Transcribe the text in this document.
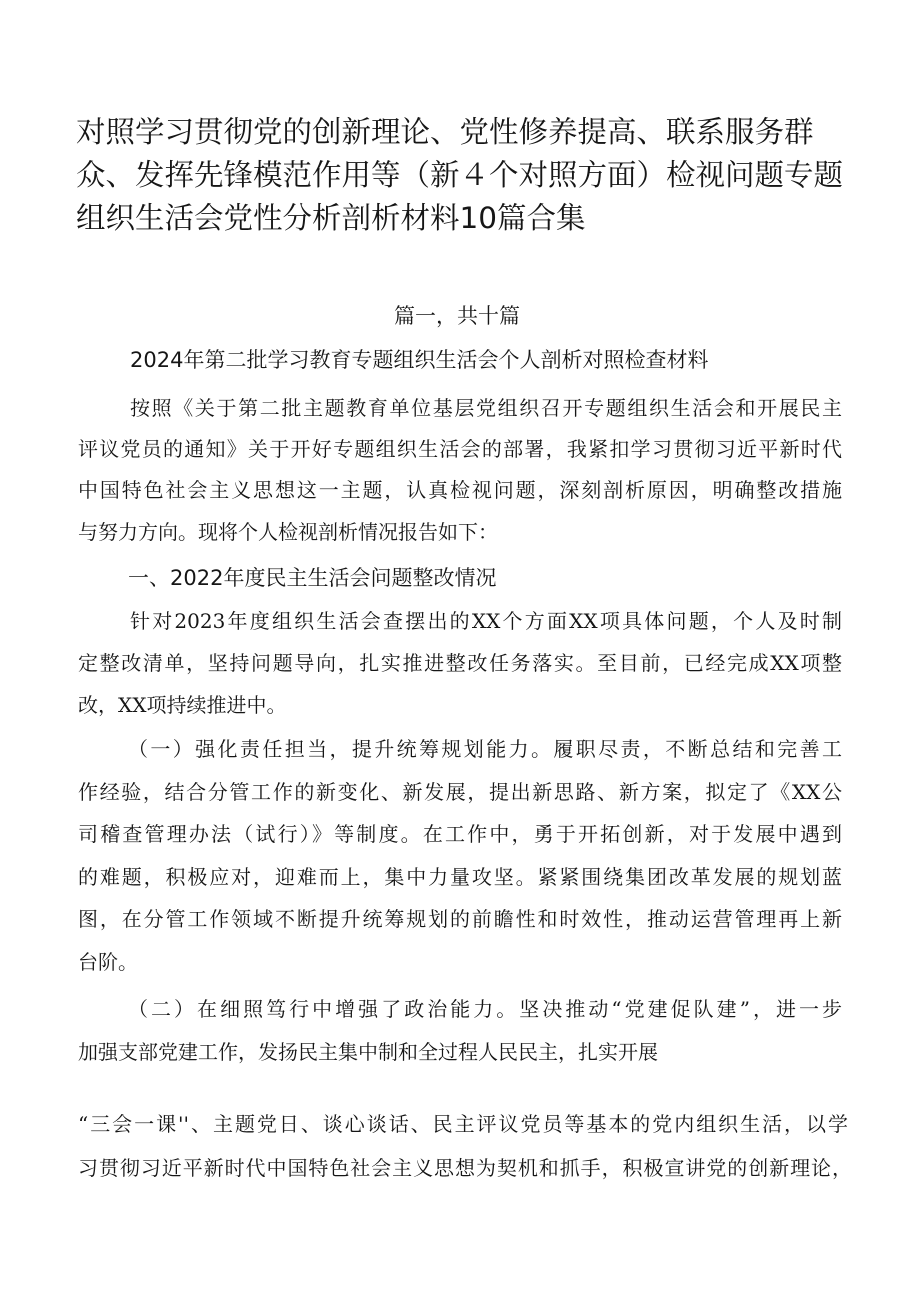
对照学习贯彻党的创新理论、党性修养提高、联系服务群
众、发挥先锋模范作用等（新４个对照方面）检视问题专题
组织生活会党性分析剖析材料10篇合集
篇一，共十篇
2024年第二批学习教育专题组织生活会个人剖析对照检查材料
按照《关于第二批主题教育单位基层党组织召开专题组织生活会和开展民主
评议党员的通知》关于开好专题组织生活会的部署，我紧扣学习贯彻习近平新时代
中国特色社会主义思想这一主题，认真检视问题，深刻剖析原因，明确整改措施
与努力方向。现将个人检视剖析情况报告如下：
一、2022年度民主生活会问题整改情况
针对2023年度组织生活会查摆出的XX个方面XX项具体问题，个人及时制
定整改清单，坚持问题导向，扎实推进整改任务落实。至目前，已经完成XX项整
改，XX项持续推进中。
（一）强化责任担当，提升统筹规划能力。履职尽责，不断总结和完善工
作经验，结合分管工作的新变化、新发展，提出新思路、新方案，拟定了《XX公
司稽查管理办法（试行）》等制度。在工作中，勇于开拓创新，对于发展中遇到
的难题，积极应对，迎难而上，集中力量攻坚。紧紧围绕集团改革发展的规划蓝
图，在分管工作领域不断提升统筹规划的前瞻性和时效性，推动运营管理再上新
台阶。
（二）在细照笃行中增强了政治能力。坚决推动“党建促队建”，进一步
加强支部党建工作，发扬民主集中制和全过程人民民主，扎实开展
“三会一课''、主题党日、谈心谈话、民主评议党员等基本的党内组织生活，以学
习贯彻习近平新时代中国特色社会主义思想为契机和抓手，积极宣讲党的创新理论，
